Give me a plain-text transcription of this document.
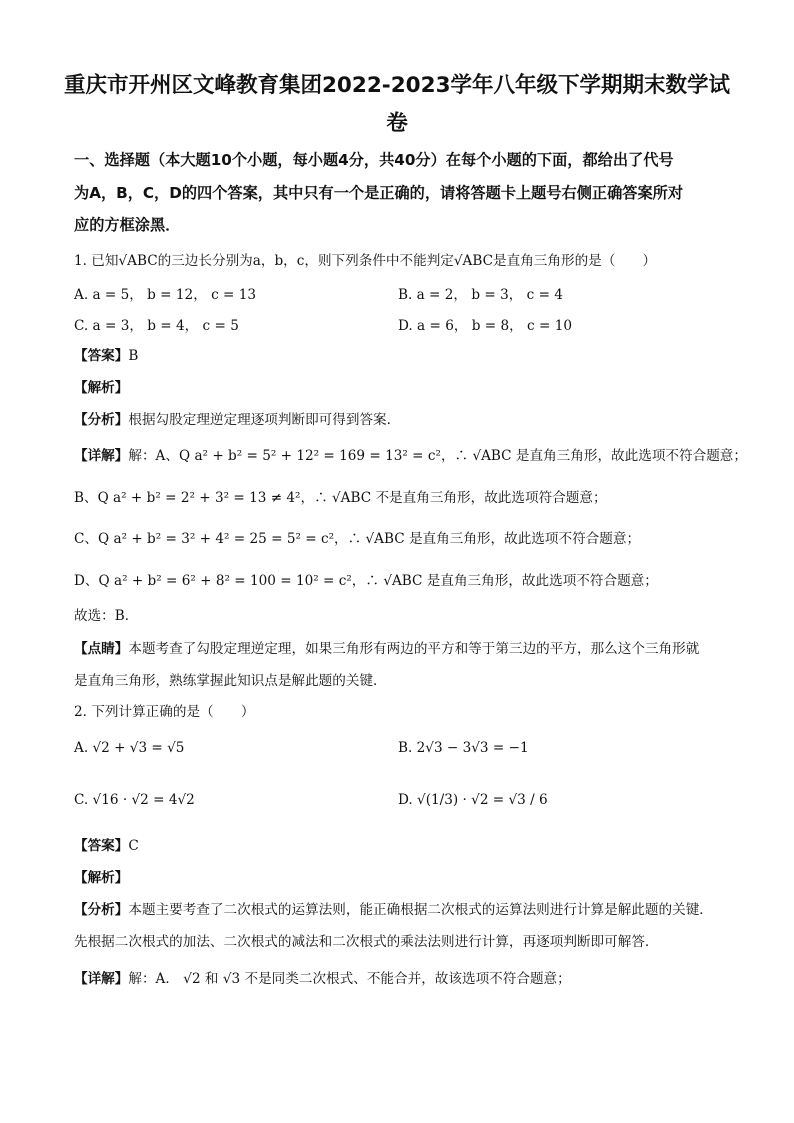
重庆市开州区文峰教育集团2022-2023学年八年级下学期期末数学试
卷
一、选择题（本大题10个小题，每小题4分，共40分）在每个小题的下面，都给出了代号
为A，B，C，D的四个答案，其中只有一个是正确的，请将答题卡上题号右侧正确答案所对
应的方框涂黑．
1. 已知√ABC的三边长分别为a，b，c，则下列条件中不能判定√ABC是直角三角形的是（　　）
A. a = 5， b = 12， c = 13	B. a = 2， b = 3， c = 4
C. a = 3， b = 4， c = 5	D. a = 6， b = 8， c = 10
【答案】B
【解析】
【分析】根据勾股定理逆定理逐项判断即可得到答案．
【详解】解：A、Q a² + b² = 5² + 12² = 169 = 13² = c²，∴ √ABC 是直角三角形，故此选项不符合题意；
B、Q a² + b² = 2² + 3² = 13 ≠ 4²，∴ √ABC 不是直角三角形，故此选项符合题意；
C、Q a² + b² = 3² + 4² = 25 = 5² = c²，∴ √ABC 是直角三角形，故此选项不符合题意；
D、Q a² + b² = 6² + 8² = 100 = 10² = c²，∴ √ABC 是直角三角形，故此选项不符合题意；
故选：B．
【点睛】本题考查了勾股定理逆定理，如果三角形有两边的平方和等于第三边的平方，那么这个三角形就
是直角三角形，熟练掌握此知识点是解此题的关键．
2. 下列计算正确的是（　　）
A. √2 + √3 = √5	B. 2√3 − 3√3 = −1
C. √16 · √2 = 4√2	D. √(1/3) · √2 = √3 / 6
【答案】C
【解析】
【分析】本题主要考查了二次根式的运算法则，能正确根据二次根式的运算法则进行计算是解此题的关键．
先根据二次根式的加法、二次根式的减法和二次根式的乘法法则进行计算，再逐项判断即可解答．
【详解】解：A． √2 和 √3 不是同类二次根式、不能合并，故该选项不符合题意；
